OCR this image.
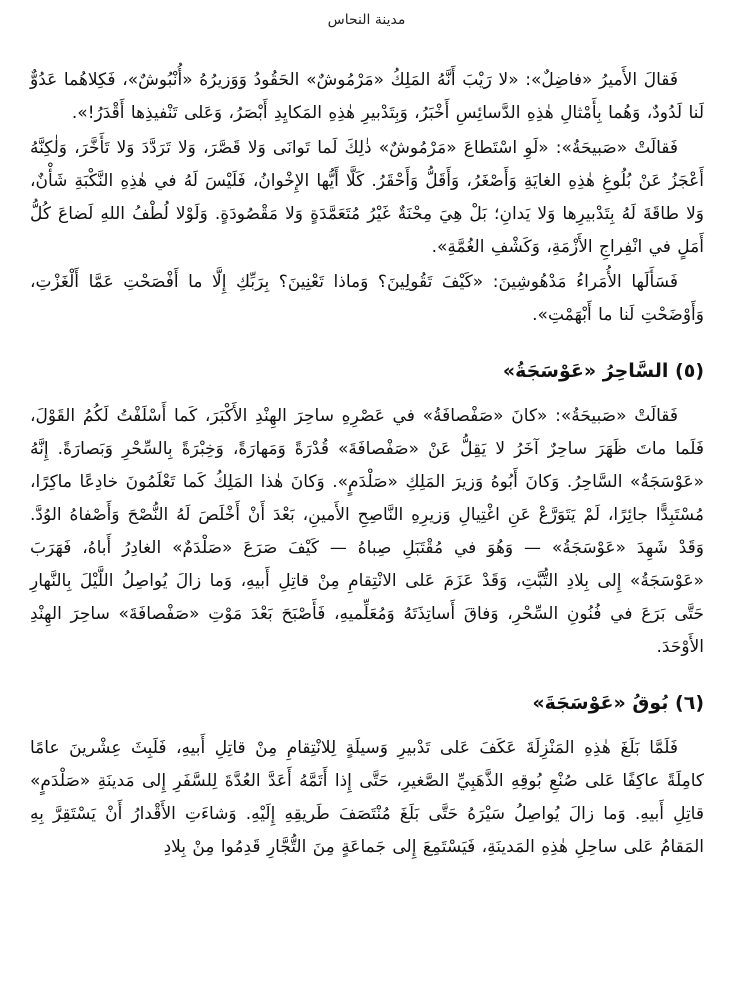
مدينة النحاس

فَقالَ الأَميرُ «فاضِلٌ»: «لا رَيْبَ أَنَّهُ المَلِكُ «مَرْمُوشٌ» الحَقُودُ وَوَزيرُهُ «أُنْبُوشٌ»، فَكِلاهُما عَدُوٌّ لَنا لَدُودٌ، وَهُما بِأَمْثالِ هٰذِهِ الدَّسائِسِ أَخْبَرُ، وَبِتَدْبيرِ هٰذِهِ المَكايِدِ أَبْصَرُ، وَعَلى تَنْفيذِها أَقْدَرُ!».

فَقالَتْ «صَبيحَةُ»: «لَوِ اسْتَطاعَ «مَرْمُوشٌ» ذٰلِكَ لَما تَوانَى وَلا قَصَّرَ، وَلا تَرَدَّدَ وَلا تَأَخَّرَ، وَلٰكِنَّهُ أَعْجَزُ عَنْ بُلُوغِ هٰذِهِ الغايَةِ وَأَصْغَرُ، وَأَقَلُّ وَأَحْقَرُ. كَلَّا أَيُّها الإِخْوانُ، فَلَيْسَ لَهُ في هٰذِهِ النَّكْبَةِ شَأْنٌ، وَلا طاقَةَ لَهُ بِتَدْبيرِها وَلا يَدانِ؛ بَلْ هِيَ مِحْنَةٌ غَيْرُ مُتَعَمَّدَةٍ وَلا مَقْصُودَةٍ. وَلَوْلا لُطْفُ اللهِ لَضاعَ كُلُّ أَمَلٍ في انْفِراجِ الأَزْمَةِ، وَكَشْفِ الغُمَّةِ».

فَسَأَلَها الأُمَراءُ مَدْهُوشِينَ: «كَيْفَ تَقُولِينَ؟ وَماذا تَعْنِينَ؟ بِرَبِّكِ إِلَّا ما أَفْصَحْتِ عَمَّا أَلْغَزْتِ، وَأَوْضَحْتِ لَنا ما أَبْهَمْتِ».

(٥) السَّاحِرُ «عَوْسَجَةُ»

فَقالَتْ «صَبيحَةُ»: «كانَ «صَفْصافَةُ» في عَصْرِهِ ساحِرَ الهِنْدِ الأَكْبَرَ، كَما أَسْلَفْتُ لَكُمُ القَوْلَ، فَلَما ماتَ ظَهَرَ ساحِرٌ آخَرُ لا يَقِلُّ عَنْ «صَفْصافَةَ» قُدْرَةً وَمَهارَةً، وَخِبْرَةً بِالسِّحْرِ وَبَصارَةً. إِنَّهُ «عَوْسَجَةُ» السَّاحِرُ. وَكانَ أَبُوهُ وَزيرَ المَلِكِ «صَلْدَمٍ». وَكانَ هٰذا المَلِكُ كَما تَعْلَمُونَ خادِعًا ماكِرًا، مُسْتَبِدًّا جائِرًا، لَمْ يَتَوَرَّعْ عَنِ اغْتِيالِ وَزيرِهِ النَّاصِحِ الأَمينِ، بَعْدَ أَنْ أَخْلَصَ لَهُ النُّصْحَ وَأَصْفاهُ الوُدَّ. وَقَدْ شَهِدَ «عَوْسَجَةُ» — وَهُوَ في مُقْتَبَلِ صِباهُ — كَيْفَ صَرَعَ «صَلْدَمٌ» الغادِرُ أَباهُ، فَهَرَبَ «عَوْسَجَةُ» إِلى بِلادِ التُّبَّتِ، وَقَدْ عَزَمَ عَلى الانْتِقامِ مِنْ قاتِلِ أَبيهِ، وَما زالَ يُواصِلُ اللَّيْلَ بِالنَّهارِ حَتَّى بَرَعَ في فُنُونِ السِّحْرِ، وَفاقَ أَساتِذَتَهُ وَمُعَلِّميهِ، فَأَصْبَحَ بَعْدَ مَوْتِ «صَفْصافَةَ» ساحِرَ الهِنْدِ الأَوْحَدَ.

(٦) بُوقُ «عَوْسَجَةَ»

فَلَمَّا بَلَغَ هٰذِهِ المَنْزِلَةَ عَكَفَ عَلى تَدْبيرِ وَسيلَةٍ لِلانْتِقامِ مِنْ قاتِلِ أَبيهِ، فَلَبِثَ عِشْرينَ عامًا كامِلَةً عاكِفًا عَلى صُنْعِ بُوقِهِ الذَّهَبِيِّ الصَّغيرِ، حَتَّى إِذا أَتَمَّهُ أَعَدَّ العُدَّةَ لِلسَّفَرِ إِلى مَدينَةِ «صَلْدَمٍ» قاتِلِ أَبيهِ. وَما زالَ يُواصِلُ سَيْرَهُ حَتَّى بَلَغَ مُنْتَصَفَ طَريقِهِ إِلَيْهِ. وَشاءَتِ الأَقْدارُ أَنْ يَسْتَقِرَّ بِهِ المَقامُ عَلى ساحِلِ هٰذِهِ المَدينَةِ، فَيَسْتَمِعَ إِلى جَماعَةٍ مِنَ التُّجَّارِ قَدِمُوا مِنْ بِلادِ
